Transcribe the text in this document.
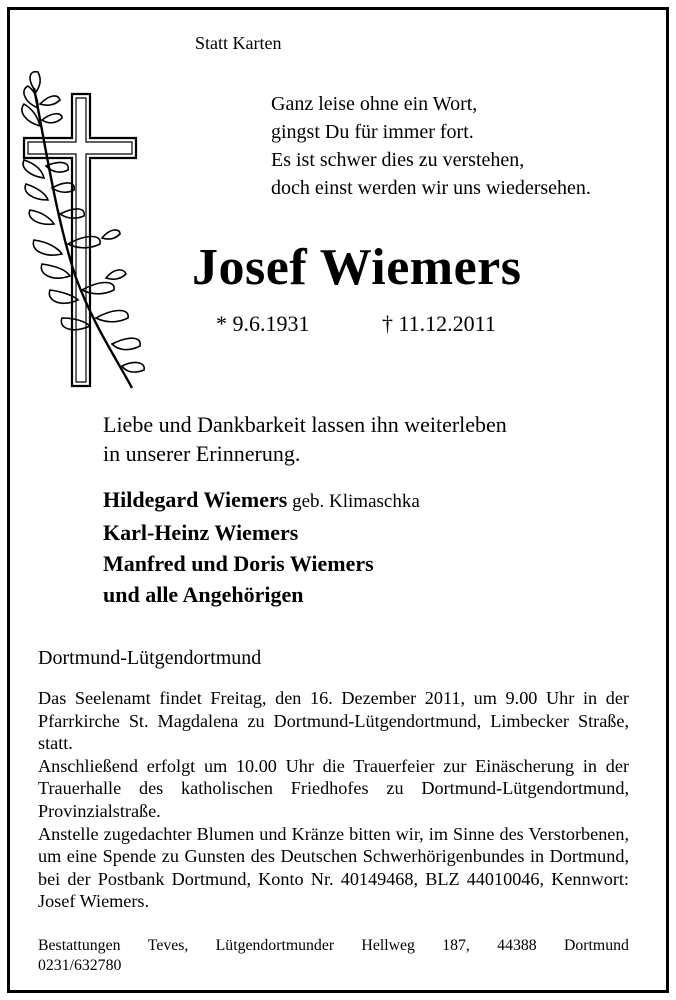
Statt Karten
Ganz leise ohne ein Wort,
gingst Du für immer fort.
Es ist schwer dies zu verstehen,
doch einst werden wir uns wiedersehen.
Josef Wiemers
* 9.6.1931	† 11.12.2011
Liebe und Dankbarkeit lassen ihn weiterleben
in unserer Erinnerung.
Hildegard Wiemers geb. Klimaschka
Karl-Heinz Wiemers
Manfred und Doris Wiemers
und alle Angehörigen
Dortmund-Lütgendortmund

Das Seelenamt findet Freitag, den 16. Dezember 2011, um 9.00 Uhr in der Pfarrkirche St. Magdalena zu Dortmund-Lütgendortmund, Limbecker Straße, statt.

Anschließend erfolgt um 10.00 Uhr die Trauerfeier zur Einäscherung in der Trauerhalle des katholischen Friedhofes zu Dortmund-Lütgendortmund, Provinzialstraße.

Anstelle zugedachter Blumen und Kränze bitten wir, im Sinne des Verstorbenen, um eine Spende zu Gunsten des Deutschen Schwerhörigenbundes in Dortmund, bei der Postbank Dortmund, Konto Nr. 40149468, BLZ 44010046, Kennwort: Josef Wiemers.

Bestattungen Teves, Lütgendortmunder Hellweg 187, 44388 Dortmund
0231/632780
